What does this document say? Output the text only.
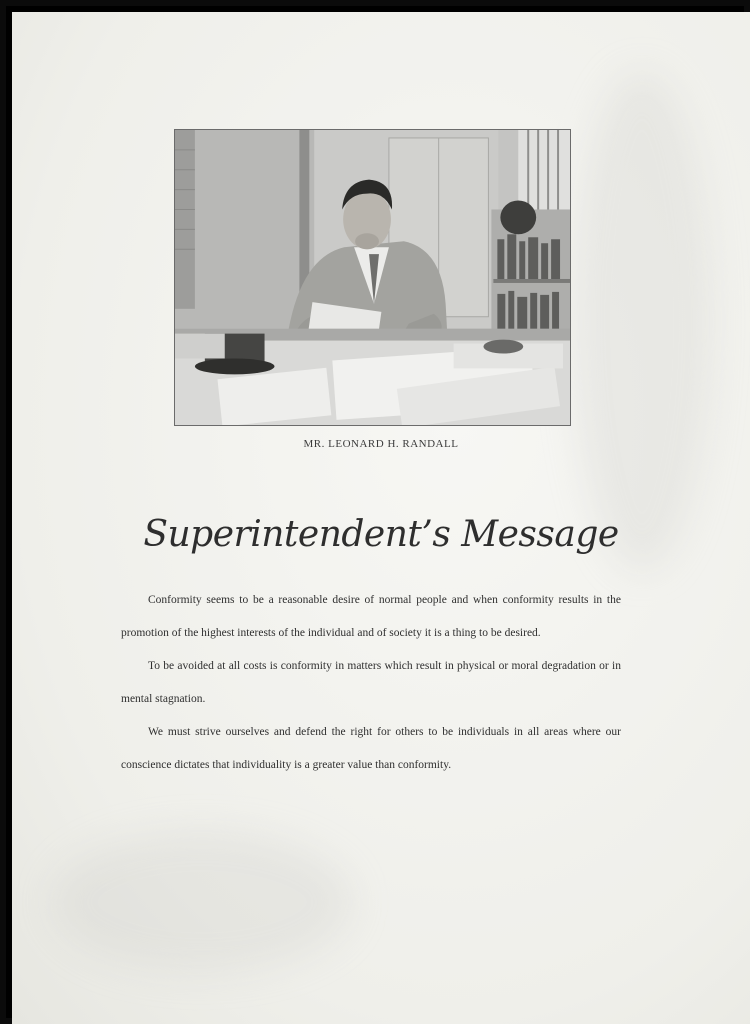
MR. LEONARD H. RANDALL
Superintendent’s Message

Conformity seems to be a reasonable desire of normal people and when conformity results in the promotion of the highest interests of the individual and of society it is a thing to be desired.

To be avoided at all costs is conformity in matters which result in physical or moral degradation or in mental stagnation.

We must strive ourselves and defend the right for others to be individuals in all areas where our conscience dictates that individuality is a greater value than conformity.
